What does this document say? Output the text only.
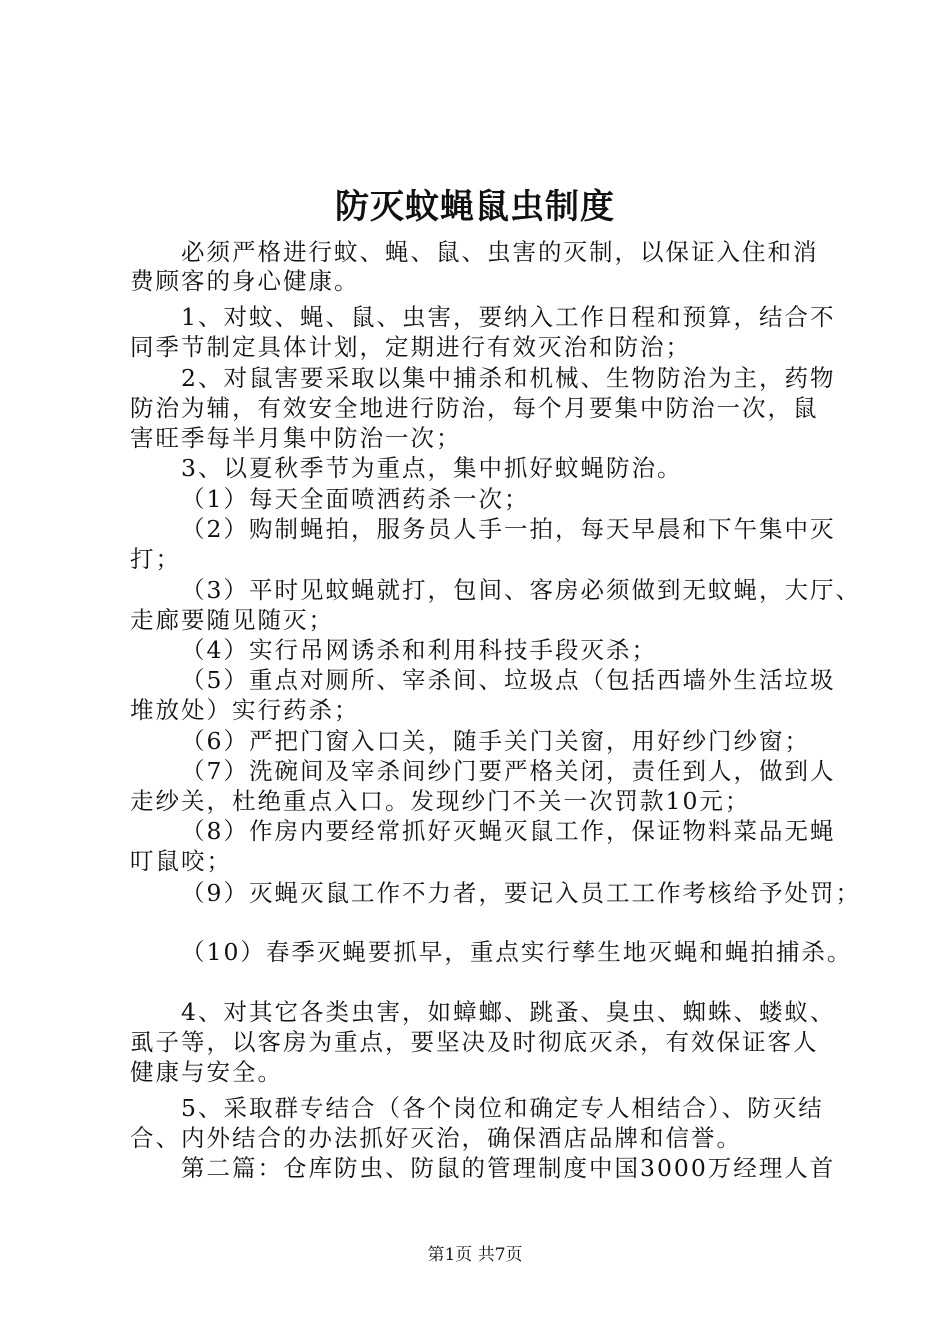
防灭蚊蝇鼠虫制度
必须严格进行蚊、蝇、鼠、虫害的灭制，以保证入住和消
费顾客的身心健康。
1、对蚊、蝇、鼠、虫害，要纳入工作日程和预算，结合不
同季节制定具体计划，定期进行有效灭治和防治；
2、对鼠害要采取以集中捕杀和机械、生物防治为主，药物
防治为辅，有效安全地进行防治，每个月要集中防治一次，鼠
害旺季每半月集中防治一次；
3、以夏秋季节为重点，集中抓好蚊蝇防治。
（1）每天全面喷洒药杀一次；
（2）购制蝇拍，服务员人手一拍，每天早晨和下午集中灭
打；
（3）平时见蚊蝇就打，包间、客房必须做到无蚊蝇，大厅、
走廊要随见随灭；
（4）实行吊网诱杀和利用科技手段灭杀；
（5）重点对厕所、宰杀间、垃圾点（包括西墙外生活垃圾
堆放处）实行药杀；
（6）严把门窗入口关，随手关门关窗，用好纱门纱窗；
（7）洗碗间及宰杀间纱门要严格关闭，责任到人，做到人
走纱关，杜绝重点入口。发现纱门不关一次罚款10元；
（8）作房内要经常抓好灭蝇灭鼠工作，保证物料菜品无蝇
叮鼠咬；
（9）灭蝇灭鼠工作不力者，要记入员工工作考核给予处罚；
（10）春季灭蝇要抓早，重点实行孳生地灭蝇和蝇拍捕杀。
4、对其它各类虫害，如蟑螂、跳蚤、臭虫、蜘蛛、蝼蚁、
虱子等，以客房为重点，要坚决及时彻底灭杀，有效保证客人
健康与安全。
5、采取群专结合（各个岗位和确定专人相结合）、防灭结
合、内外结合的办法抓好灭治，确保酒店品牌和信誉。
第二篇：仓库防虫、防鼠的管理制度中国3000万经理人首
第1页 共7页
